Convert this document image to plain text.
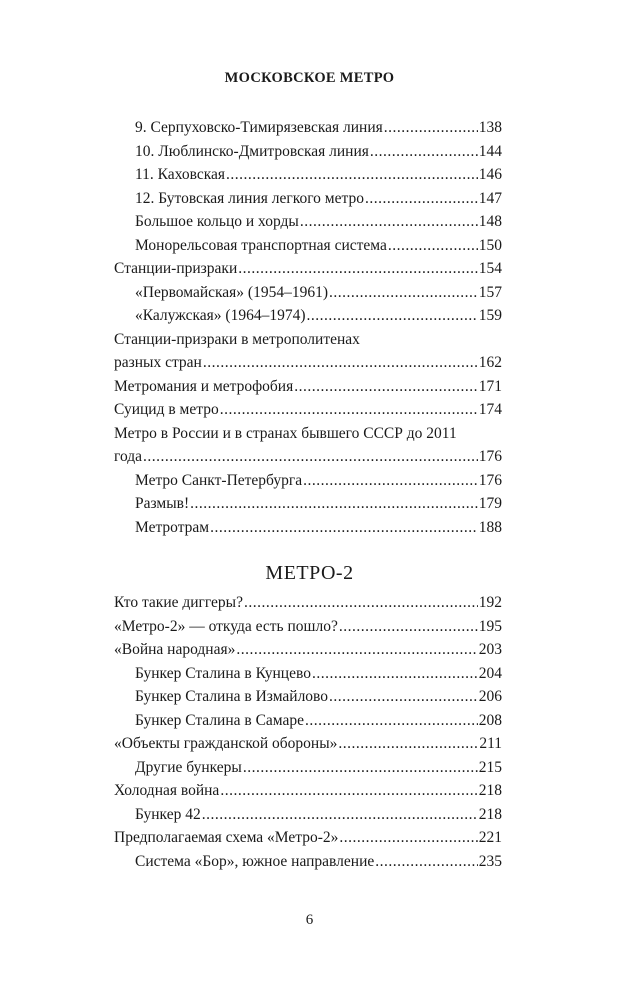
МОСКОВСКОЕ МЕТРО
9. Серпуховско-Тимирязевская линия .....	138
10. Люблинско-Дмитровская линия .....	144
11. Каховская .....	146
12. Бутовская линия легкого метро .....	147
Большое кольцо и хорды .....	148
Монорельсовая транспортная система .....	150
Станции-призраки .....	154
«Первомайская» (1954–1961) .....	157
«Калужская» (1964–1974) .....	159
Станции-призраки в метрополитенах
разных стран .....	162
Метромания и метрофобия .....	171
Суицид в метро .....	174
Метро в России и в странах бывшего СССР до 2011
года .....	176
Метро Санкт-Петербурга .....	176
Размыв! .....	179
Метротрам .....	188
МЕТРО-2
Кто такие диггеры? .....	192
«Метро-2» — откуда есть пошло? .....	195
«Война народная» .....	203
Бункер Сталина в Кунцево .....	204
Бункер Сталина в Измайлово .....	206
Бункер Сталина в Самаре .....	208
«Объекты гражданской обороны» .....	211
Другие бункеры .....	215
Холодная война .....	218
Бункер 42 .....	218
Предполагаемая схема «Метро-2» .....	221
Система «Бор», южное направление .....	235
6
